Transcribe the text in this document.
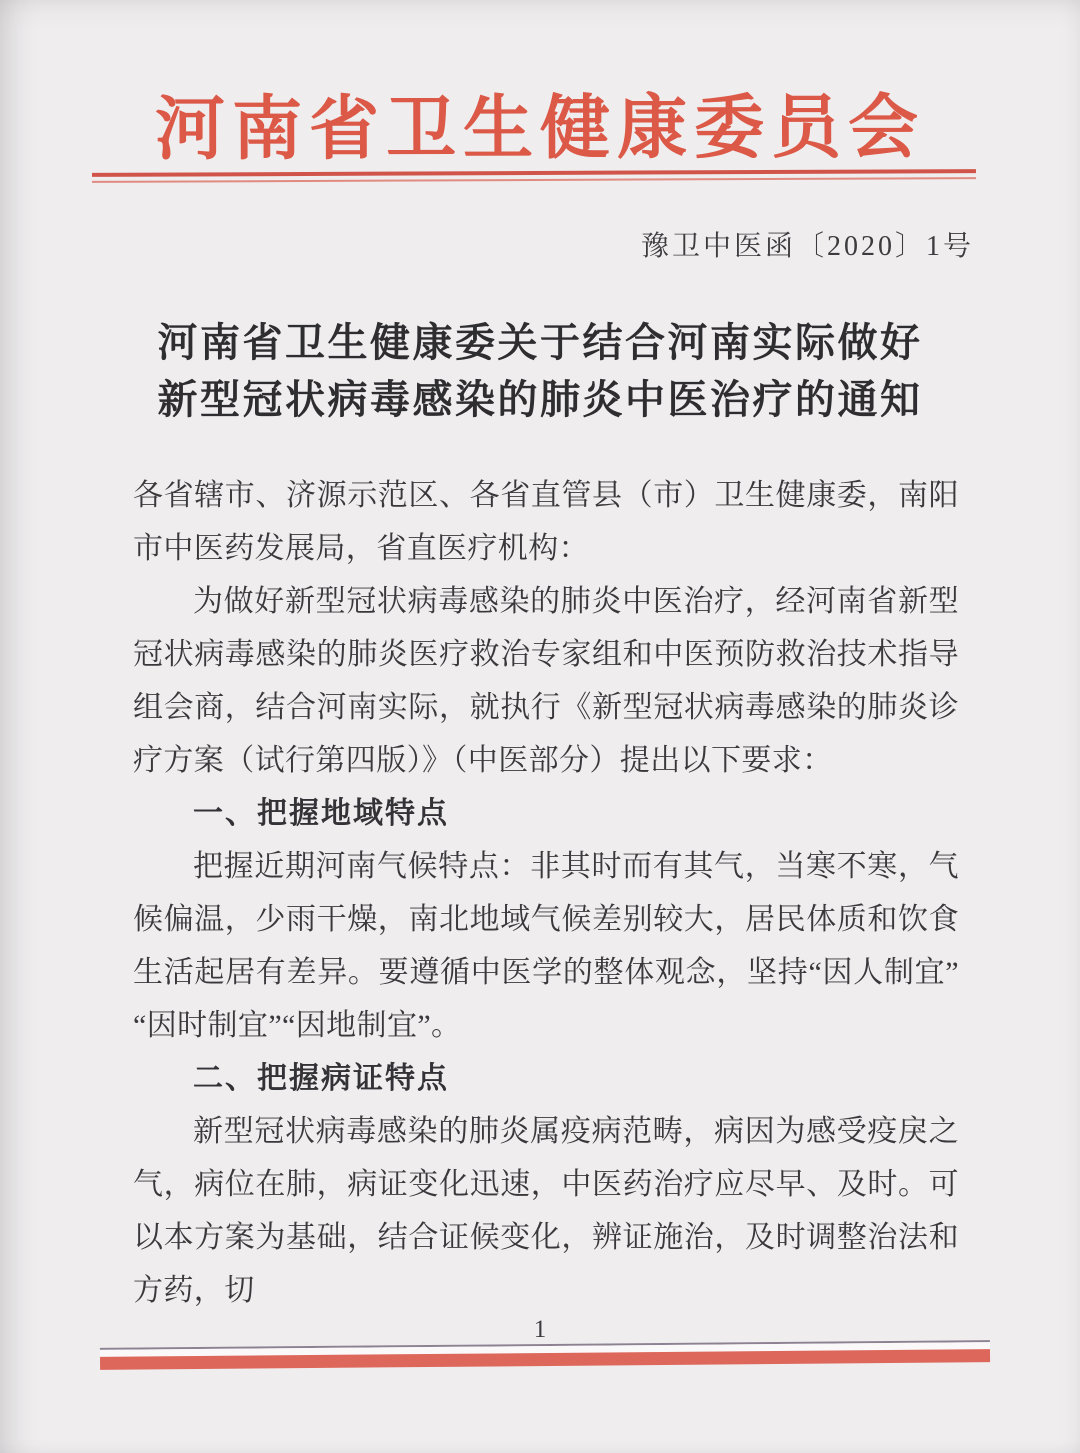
河南省卫生健康委员会
豫卫中医函〔2020〕1号
河南省卫生健康委关于结合河南实际做好
新型冠状病毒感染的肺炎中医治疗的通知

各省辖市、济源示范区、各省直管县（市）卫生健康委，南阳市中医药发展局，省直医疗机构：

为做好新型冠状病毒感染的肺炎中医治疗，经河南省新型冠状病毒感染的肺炎医疗救治专家组和中医预防救治技术指导组会商，结合河南实际，就执行《新型冠状病毒感染的肺炎诊疗方案（试行第四版）》（中医部分）提出以下要求：

一、把握地域特点

把握近期河南气候特点：非其时而有其气，当寒不寒，气候偏温，少雨干燥，南北地域气候差别较大，居民体质和饮食生活起居有差异。要遵循中医学的整体观念，坚持“因人制宜”“因时制宜”“因地制宜”。

二、把握病证特点

新型冠状病毒感染的肺炎属疫病范畴，病因为感受疫戾之气，病位在肺，病证变化迅速，中医药治疗应尽早、及时。可以本方案为基础，结合证候变化，辨证施治，及时调整治法和方药，切

1
